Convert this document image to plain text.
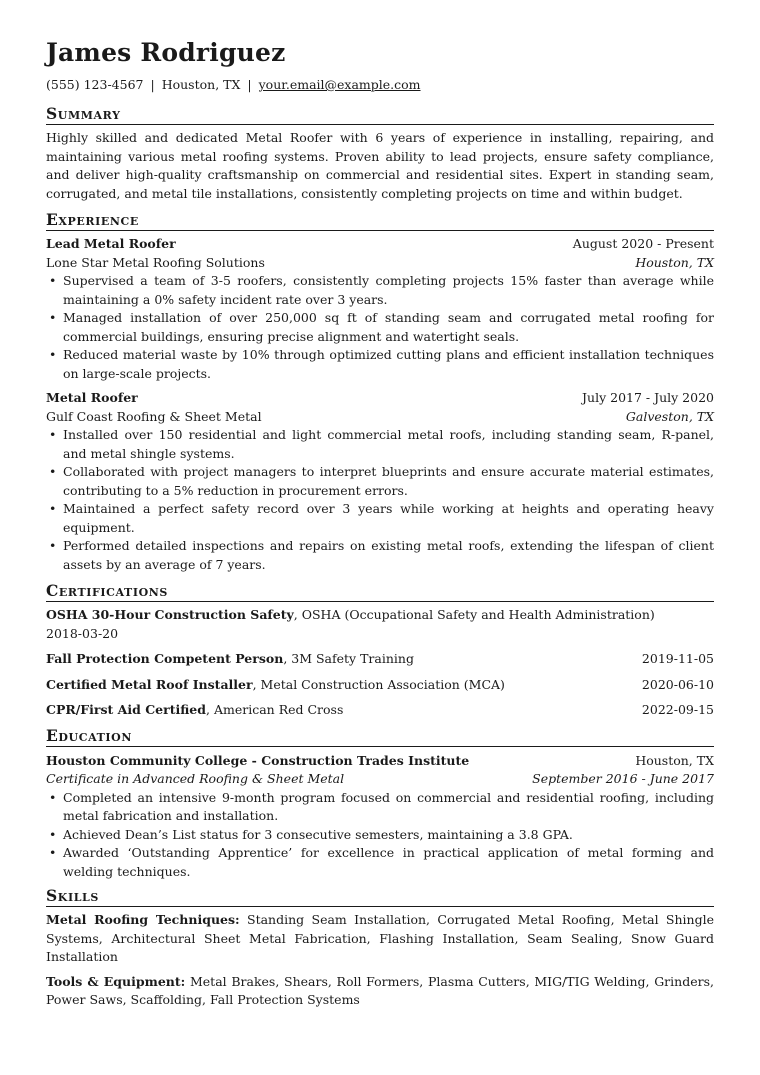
James Rodriguez
(555) 123-4567 | Houston, TX | your.email@example.com
Summary
Highly skilled and dedicated Metal Roofer with 6 years of experience in installing, repairing, and maintaining various metal roofing systems. Proven ability to lead projects, ensure safety compliance, and deliver high-quality craftsmanship on commercial and residential sites. Expert in standing seam, corrugated, and metal tile installations, consistently completing projects on time and within budget.
Experience
Lead Metal Roofer	August 2020 - Present
Lone Star Metal Roofing Solutions	Houston, TX
• Supervised a team of 3-5 roofers, consistently completing projects 15% faster than average while maintaining a 0% safety incident rate over 3 years.
• Managed installation of over 250,000 sq ft of standing seam and corrugated metal roofing for commercial buildings, ensuring precise alignment and watertight seals.
• Reduced material waste by 10% through optimized cutting plans and efficient installation techniques on large-scale projects.
Metal Roofer	July 2017 - July 2020
Gulf Coast Roofing & Sheet Metal	Galveston, TX
• Installed over 150 residential and light commercial metal roofs, including standing seam, R-panel, and metal shingle systems.
• Collaborated with project managers to interpret blueprints and ensure accurate material estimates, contributing to a 5% reduction in procurement errors.
• Maintained a perfect safety record over 3 years while working at heights and operating heavy equipment.
• Performed detailed inspections and repairs on existing metal roofs, extending the lifespan of client assets by an average of 7 years.
Certifications
OSHA 30-Hour Construction Safety, OSHA (Occupational Safety and Health Administration)
2018-03-20
Fall Protection Competent Person, 3M Safety Training	2019-11-05
Certified Metal Roof Installer, Metal Construction Association (MCA)	2020-06-10
CPR/First Aid Certified, American Red Cross	2022-09-15
Education
Houston Community College - Construction Trades Institute	Houston, TX
Certificate in Advanced Roofing & Sheet Metal	September 2016 - June 2017
• Completed an intensive 9-month program focused on commercial and residential roofing, including metal fabrication and installation.
• Achieved Dean’s List status for 3 consecutive semesters, maintaining a 3.8 GPA.
• Awarded ‘Outstanding Apprentice’ for excellence in practical application of metal forming and welding techniques.
Skills
Metal Roofing Techniques: Standing Seam Installation, Corrugated Metal Roofing, Metal Shingle Systems, Architectural Sheet Metal Fabrication, Flashing Installation, Seam Sealing, Snow Guard Installation
Tools & Equipment: Metal Brakes, Shears, Roll Formers, Plasma Cutters, MIG/TIG Welding, Grinders, Power Saws, Scaffolding, Fall Protection Systems
